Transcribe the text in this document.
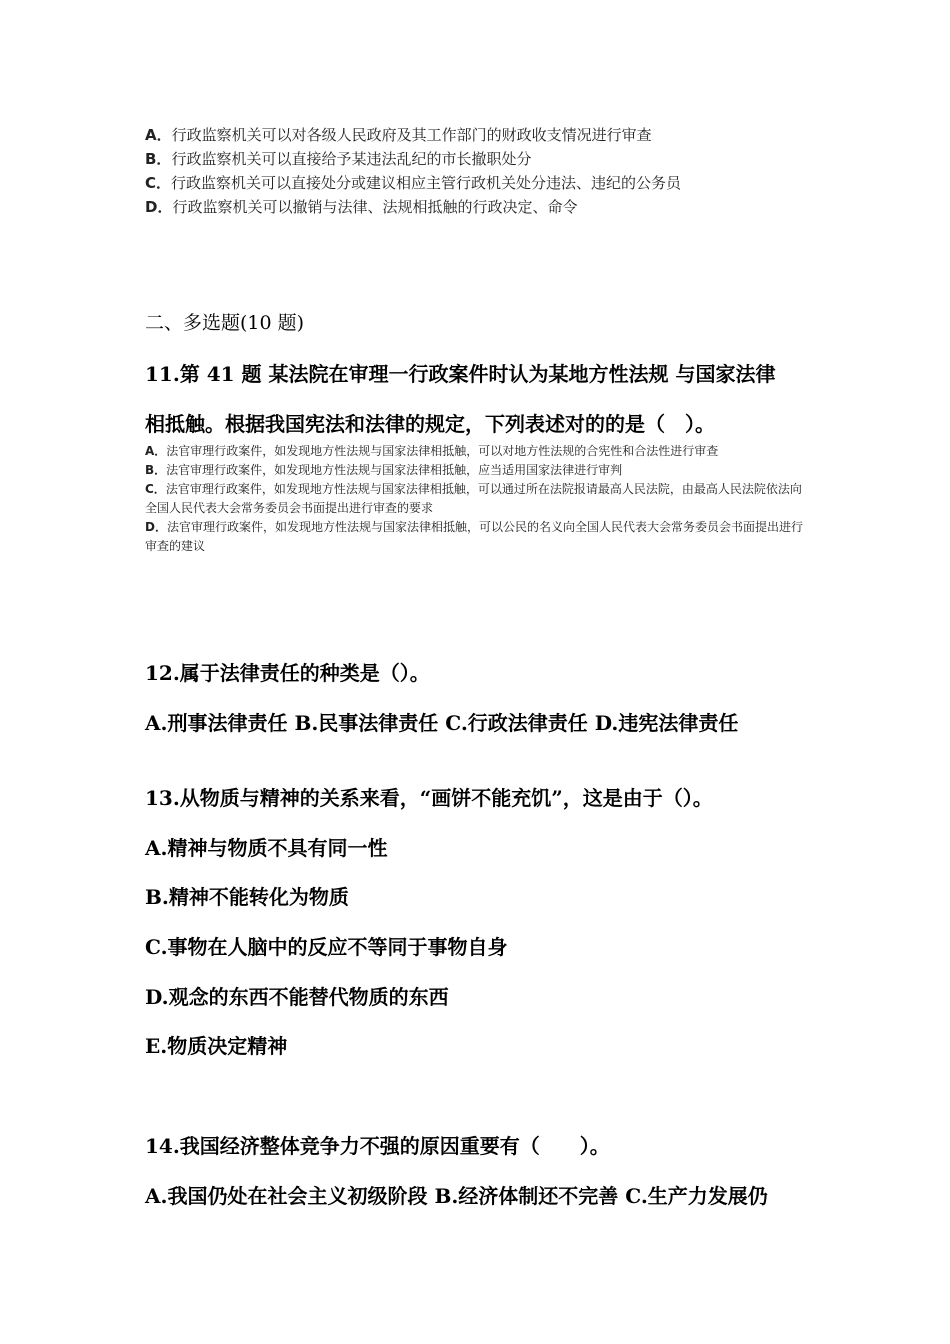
A．行政监察机关可以对各级人民政府及其工作部门的财政收支情况进行审查
B．行政监察机关可以直接给予某违法乱纪的市长撤职处分
C．行政监察机关可以直接处分或建议相应主管行政机关处分违法、违纪的公务员
D．行政监察机关可以撤销与法律、法规相抵触的行政决定、命令
二、多选题(10 题)
11.第 41 题 某法院在审理一行政案件时认为某地方性法规 与国家法律
相抵触。根据我国宪法和法律的规定，下列表述对的的是（　）。
A．法官审理行政案件，如发现地方性法规与国家法律相抵触，可以对地方性法规的合宪性和合法性进行审查
B．法官审理行政案件，如发现地方性法规与国家法律相抵触，应当适用国家法律进行审判
C．法官审理行政案件，如发现地方性法规与国家法律相抵触，可以通过所在法院报请最高人民法院，由最高人民法院依法向全国人民代表大会常务委员会书面提出进行审查的要求
D．法官审理行政案件，如发现地方性法规与国家法律相抵触，可以公民的名义向全国人民代表大会常务委员会书面提出进行审查的建议
12.属于法律责任的种类是（）。
A.刑事法律责任 B.民事法律责任 C.行政法律责任 D.违宪法律责任
13.从物质与精神的关系来看，“画饼不能充饥”，这是由于（）。
A.精神与物质不具有同一性
B.精神不能转化为物质
C.事物在人脑中的反应不等同于事物自身
D.观念的东西不能替代物质的东西
E.物质决定精神
14.我国经济整体竞争力不强的原因重要有（　　）。
A.我国仍处在社会主义初级阶段 B.经济体制还不完善 C.生产力发展仍
